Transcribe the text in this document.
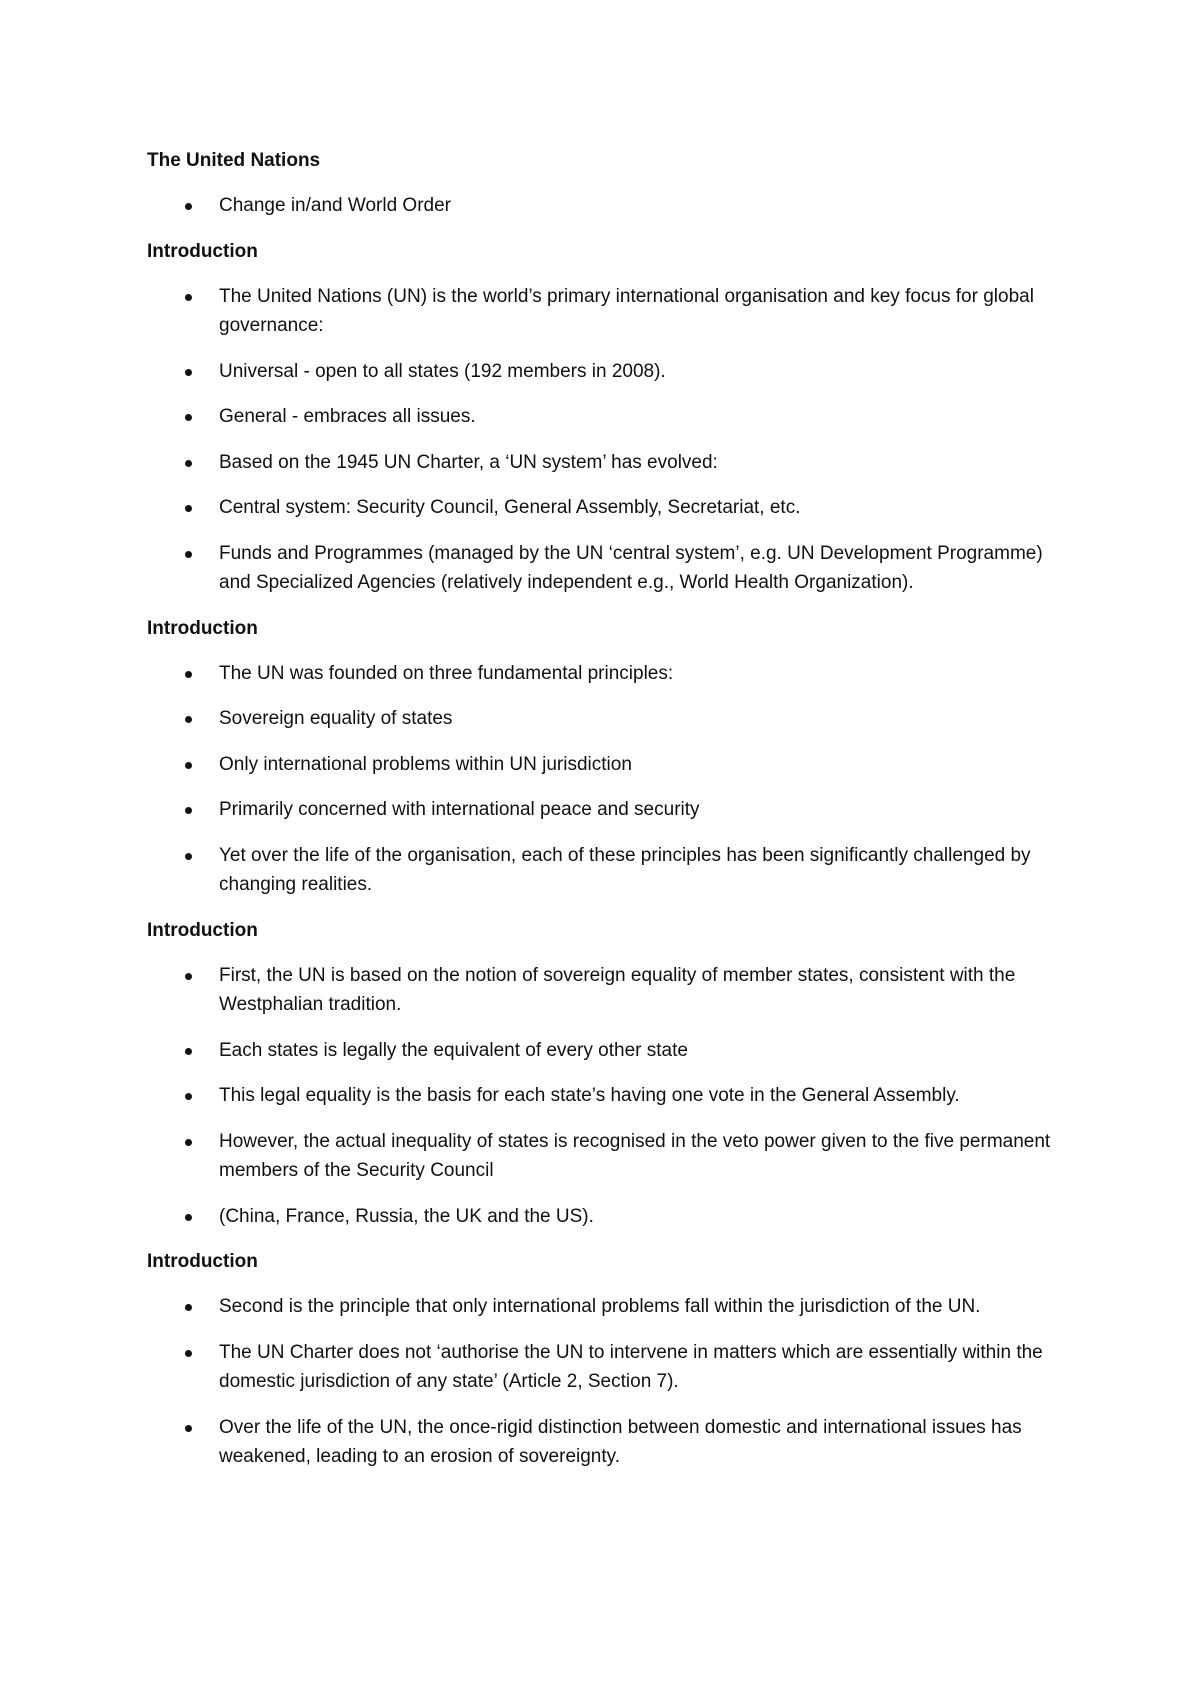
The United Nations
Change in/and World Order
Introduction
The United Nations (UN) is the world’s primary international organisation and key focus for global governance:
Universal - open to all states (192 members in 2008).
General - embraces all issues.
Based on the 1945 UN Charter, a ‘UN system’ has evolved:
Central system: Security Council, General Assembly, Secretariat, etc.
Funds and Programmes (managed by the UN ‘central system’, e.g. UN Development Programme) and Specialized Agencies (relatively independent e.g., World Health Organization).
Introduction
The UN was founded on three fundamental principles:
Sovereign equality of states
Only international problems within UN jurisdiction
Primarily concerned with international peace and security
Yet over the life of the organisation, each of these principles has been significantly challenged by changing realities.
Introduction
First, the UN is based on the notion of sovereign equality of member states, consistent with the Westphalian tradition.
Each states is legally the equivalent of every other state
This legal equality is the basis for each state’s having one vote in the General Assembly.
However, the actual inequality of states is recognised in the veto power given to the five permanent members of the Security Council
(China, France, Russia, the UK and the US).
Introduction
Second is the principle that only international problems fall within the jurisdiction of the UN.
The UN Charter does not ‘authorise the UN to intervene in matters which are essentially within the domestic jurisdiction of any state’ (Article 2, Section 7).
Over the life of the UN, the once-rigid distinction between domestic and international issues has weakened, leading to an erosion of sovereignty.
